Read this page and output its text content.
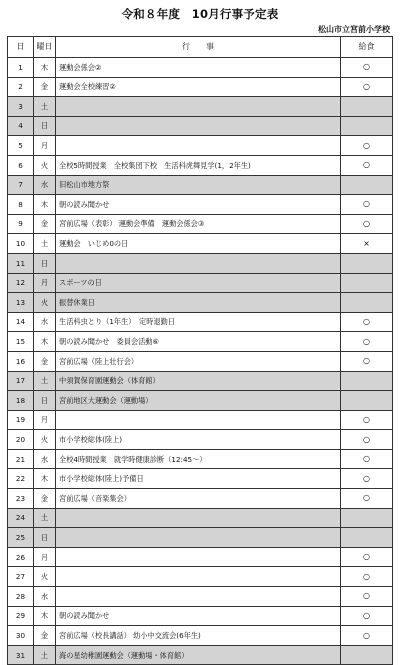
令和８年度　10月行事予定表
松山市立宮前小学校
日	曜日	行　　事	給食
1	木	運動会係会②	○
2	金	運動会全校練習②	○
3	土		
4	日		
5	月		○
6	火	全校5時間授業　全校集団下校　生活科虎舞見学(1，2年生)	○
7	水	旧松山市地方祭	
8	木	朝の読み聞かせ	○
9	金	宮前広場（表彰） 運動会準備　運動会係会③	○
10	土	運動会　いじめ0の日	×
11	日		
12	月	スポーツの日	
13	火	振替休業日	
14	水	生活科虫とり（1年生）　定時退勤日	○
15	木	朝の読み聞かせ　委員会活動⑥	○
16	金	宮前広場（陸上壮行会）	○
17	土	中須賀保育園運動会（体育館）	
18	日	宮前地区大運動会（運動場）	
19	月		○
20	火	市小学校総体(陸上)	○
21	水	全校4時間授業　就学時健康診断（12:45～）	○
22	木	市小学校総体(陸上)予備日	○
23	金	宮前広場（音楽集会）	○
24	土		
25	日		
26	月		○
27	火		○
28	水		○
29	木	朝の読み聞かせ	○
30	金	宮前広場（校長講話） 幼小中交流会(6年生)	○
31	土	海の星幼稚園運動会（運動場・体育館）	
